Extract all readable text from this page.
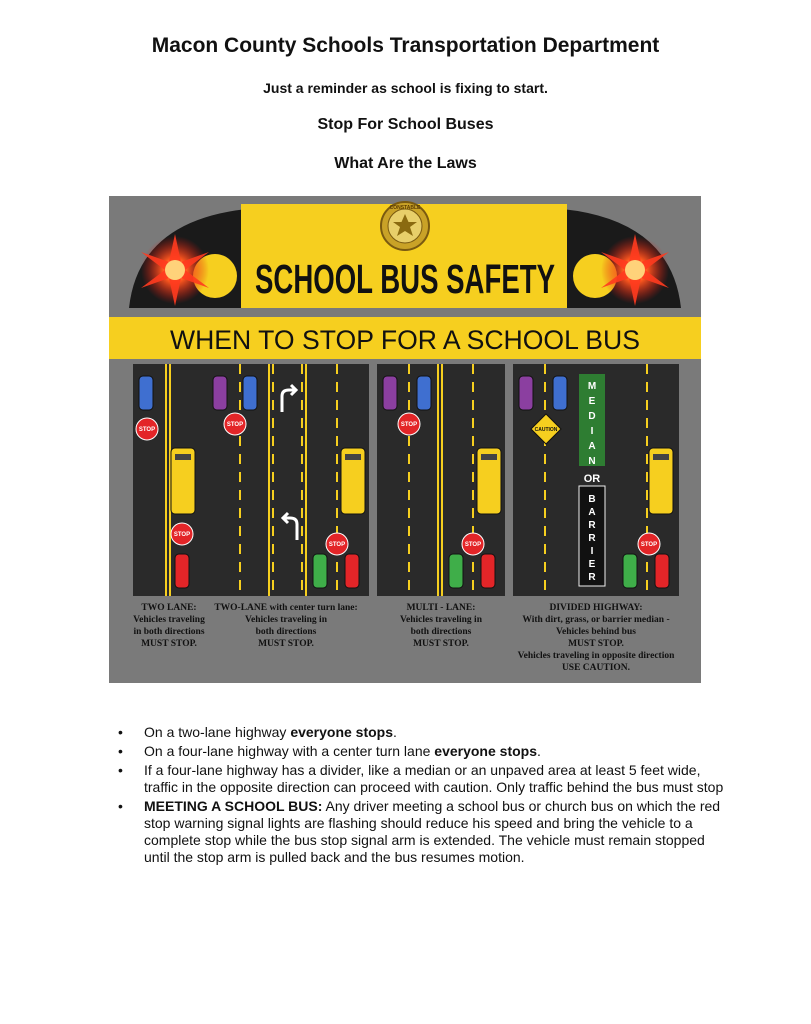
Macon County Schools Transportation Department
Just a reminder as school is fixing to start.
Stop For School Buses
What Are the Laws
CONSTABLE
SCHOOL BUS SAFETY
WHEN TO STOP FOR A SCHOOL BUS
M
E
D
I
A
N
OR
B
A
R
R
I
E
R
STOP
STOP	STOP
STOP
STOP	STOP	STOP
CAUTION
TWO LANE:
Vehicles traveling
in both directions
MUST STOP.
TWO-LANE with center turn lane:
Vehicles traveling in
both directions
MUST STOP.
MULTI - LANE:
Vehicles traveling in
both directions
MUST STOP.
DIVIDED HIGHWAY:
With dirt, grass, or barrier median -
Vehicles behind bus
MUST STOP.
Vehicles traveling in opposite direction
USE CAUTION.
• On a two-lane highway everyone stops.
• On a four-lane highway with a center turn lane everyone stops.
• If a four-lane highway has a divider, like a median or an unpaved area at least 5 feet wide, traffic in the opposite direction can proceed with caution. Only traffic behind the bus must stop
• MEETING A SCHOOL BUS: Any driver meeting a school bus or church bus on which the red stop warning signal lights are flashing should reduce his speed and bring the vehicle to a complete stop while the bus stop signal arm is extended. The vehicle must remain stopped until the stop arm is pulled back and the bus resumes motion.
